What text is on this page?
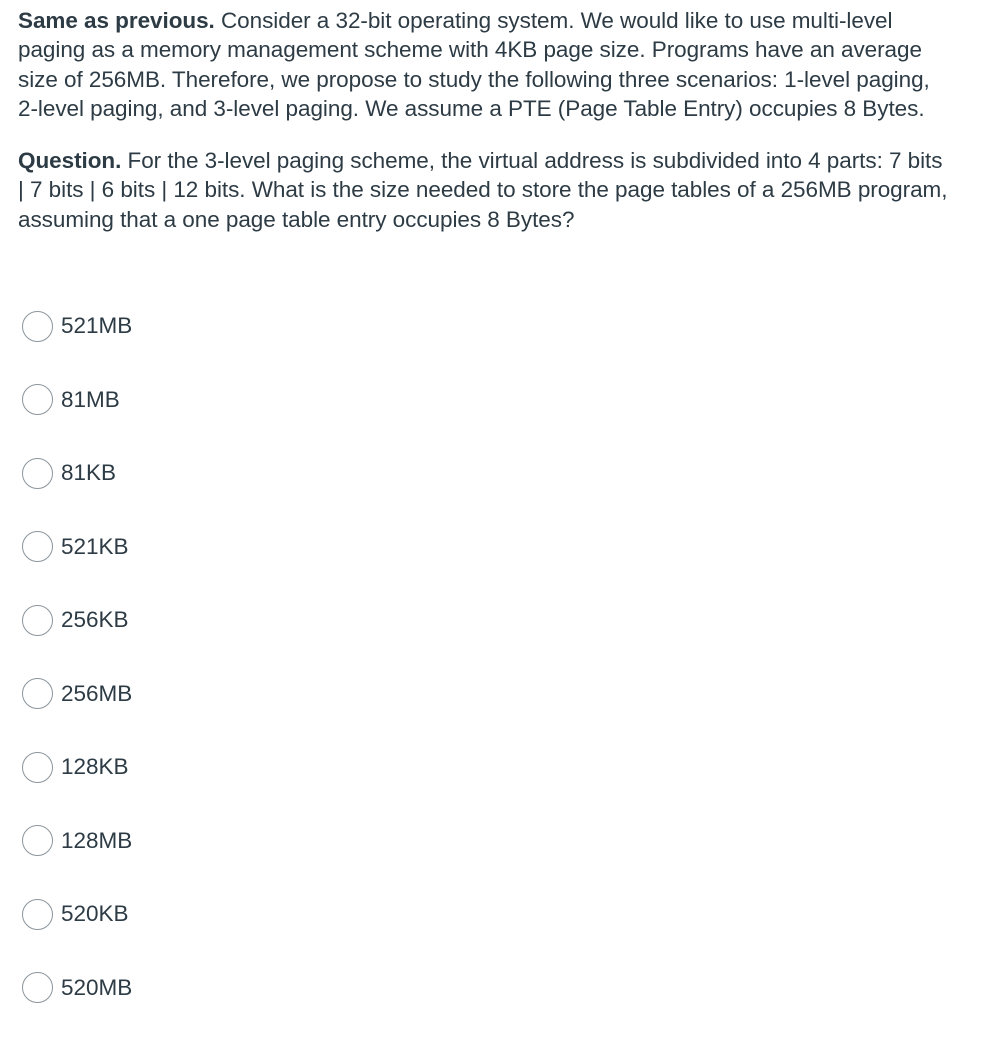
Same as previous. Consider a 32-bit operating system. We would like to use multi-level paging as a memory management scheme with 4KB page size. Programs have an average size of 256MB. Therefore, we propose to study the following three scenarios: 1-level paging, 2-level paging, and 3-level paging. We assume a PTE (Page Table Entry) occupies 8 Bytes.

Question. For the 3-level paging scheme, the virtual address is subdivided into 4 parts: 7 bits | 7 bits | 6 bits | 12 bits. What is the size needed to store the page tables of a 256MB program, assuming that a one page table entry occupies 8 Bytes?

521MB
81MB
81KB
521KB
256KB
256MB
128KB
128MB
520KB
520MB
